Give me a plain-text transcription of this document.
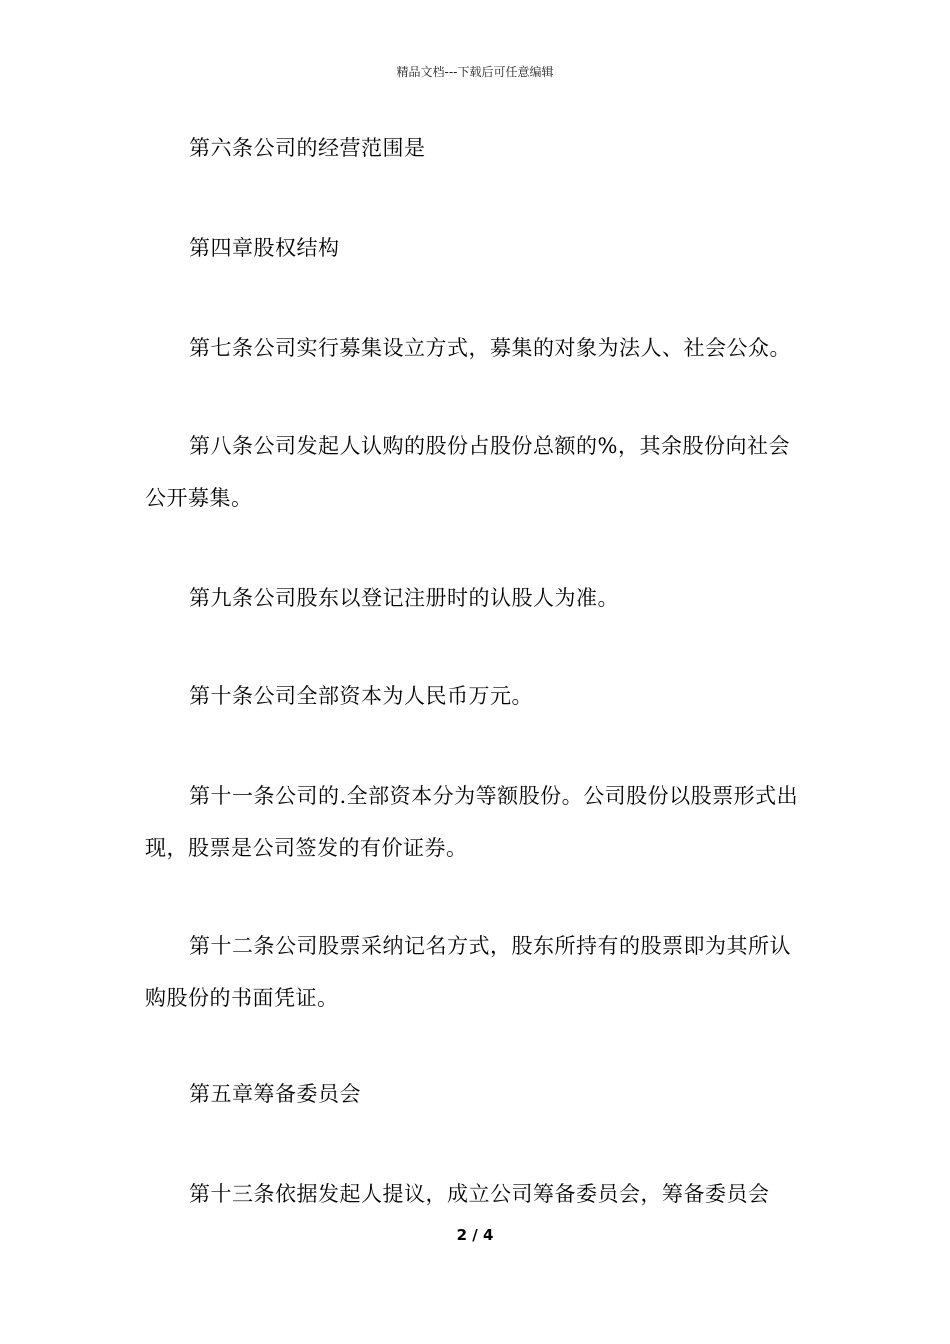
精品文档---下载后可任意编辑

第六条公司的经营范围是

第四章股权结构

第七条公司实行募集设立方式，募集的对象为法人、社会公众。

第八条公司发起人认购的股份占股份总额的%，其余股份向社会公开募集。

第九条公司股东以登记注册时的认股人为准。

第十条公司全部资本为人民币万元。

第十一条公司的.全部资本分为等额股份。公司股份以股票形式出现，股票是公司签发的有价证券。

第十二条公司股票采纳记名方式，股东所持有的股票即为其所认购股份的书面凭证。

第五章筹备委员会

第十三条依据发起人提议，成立公司筹备委员会，筹备委员会

2 / 4
